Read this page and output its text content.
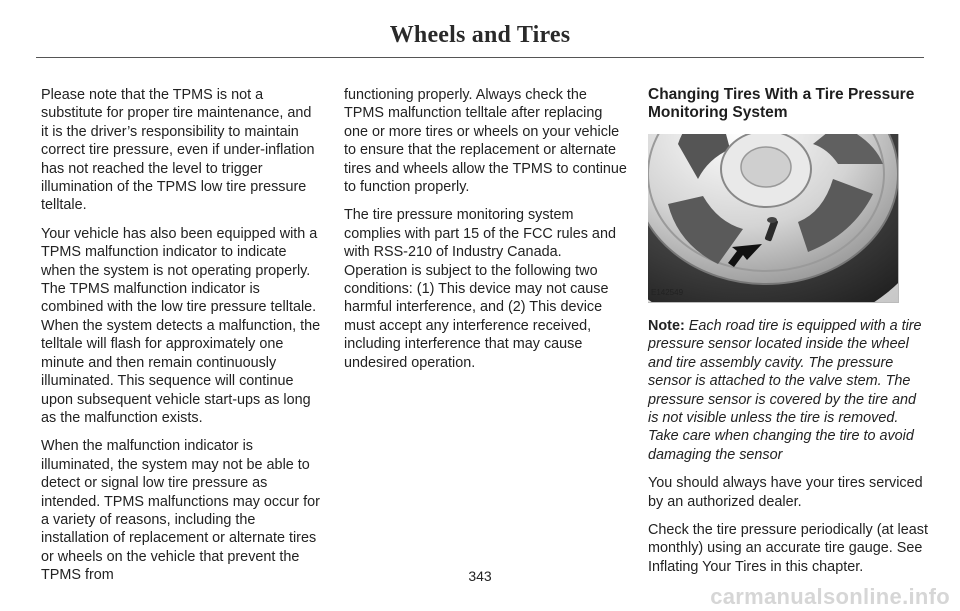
Wheels and Tires

Please note that the TPMS is not a substitute for proper tire maintenance, and it is the driver’s responsibility to maintain correct tire pressure, even if under-inflation has not reached the level to trigger illumination of the TPMS low tire pressure telltale.

Your vehicle has also been equipped with a TPMS malfunction indicator to indicate when the system is not operating properly. The TPMS malfunction indicator is combined with the low tire pressure telltale. When the system detects a malfunction, the telltale will flash for approximately one minute and then remain continuously illuminated. This sequence will continue upon subsequent vehicle start-ups as long as the malfunction exists.

When the malfunction indicator is illuminated, the system may not be able to detect or signal low tire pressure as intended. TPMS malfunctions may occur for a variety of reasons, including the installation of replacement or alternate tires or wheels on the vehicle that prevent the TPMS from

functioning properly. Always check the TPMS malfunction telltale after replacing one or more tires or wheels on your vehicle to ensure that the replacement or alternate tires and wheels allow the TPMS to continue to function properly.

The tire pressure monitoring system complies with part 15 of the FCC rules and with RSS-210 of Industry Canada. Operation is subject to the following two conditions: (1) This device may not cause harmful interference, and (2) This device must accept any interference received, including interference that may cause undesired operation.

Changing Tires With a Tire Pressure Monitoring System
E142549

Note: Each road tire is equipped with a tire pressure sensor located inside the wheel and tire assembly cavity. The pressure sensor is attached to the valve stem. The pressure sensor is covered by the tire and is not visible unless the tire is removed. Take care when changing the tire to avoid damaging the sensor

You should always have your tires serviced by an authorized dealer.

Check the tire pressure periodically (at least monthly) using an accurate tire gauge. See Inflating Your Tires in this chapter.

343
carmanualsonline.info
